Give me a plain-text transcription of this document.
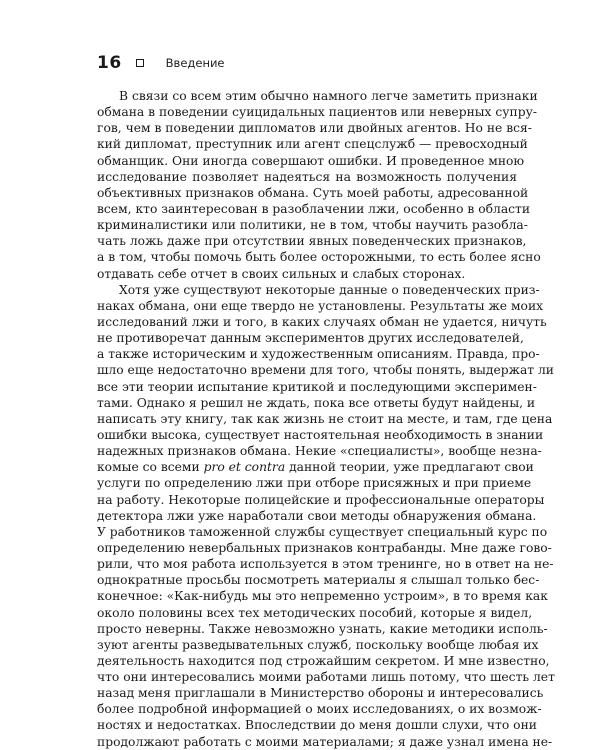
16	Введение
В связи со всем этим обычно намного легче заметить признаки
обмана в поведении суицидальных пациентов или неверных супру-
гов, чем в поведении дипломатов или двойных агентов. Но не вся-
кий дипломат, преступник или агент спецслужб — превосходный
обманщик. Они иногда совершают ошибки. И проведенное мною
исследование позволяет надеяться на возможность получения
объективных признаков обмана. Суть моей работы, адресованной
всем, кто заинтересован в разоблачении лжи, особенно в области
криминалистики или политики, не в том, чтобы научить разоблa-
чать ложь даже при отсутствии явных поведенческих признаков,
а в том, чтобы помочь быть более осторожными, то есть более ясно
отдавать себе отчет в своих сильных и слабых сторонах.
Хотя уже существуют некоторые данные о поведенческих приз-
наках обмана, они еще твердо не установлены. Результаты же моих
исследований лжи и того, в каких случаях обман не удается, ничуть
не противоречат данным экспериментов других исследователей,
а также историческим и художественным описаниям. Правда, про-
шло еще недостаточно времени для того, чтобы понять, выдержат ли
все эти теории испытание критикой и последующими эксперимен-
тами. Однако я решил не ждать, пока все ответы будут найдены, и
написать эту книгу, так как жизнь не стоит на месте, и там, где цена
ошибки высока, существует настоятельная необходимость в знании
надежных признаков обмана. Некие «специалисты», вообще незна-
комые со всеми pro et contra данной теории, уже предлагают свои
услуги по определению лжи при отборе присяжных и при приеме
на работу. Некоторые полицейские и профессиональные операторы
детектора лжи уже наработали свои методы обнаружения обмана.
У работников таможенной службы существует специальный курс по
определению невербальных признаков контрабанды. Мне даже гово-
рили, что моя работа используется в этом тренинге, но в ответ на не-
однократные просьбы посмотреть материалы я слышал только бес-
конечное: «Как-нибудь мы это непременно устроим», в то время как
около половины всех тех методических пособий, которые я видел,
просто неверны. Также невозможно узнать, какие методики исполь-
зуют агенты разведывательных служб, поскольку вообще любая их
деятельность находится под строжайшим секретом. И мне известно,
что они интересовались моими работами лишь потому, что шесть лет
назад меня приглашали в Министерство обороны и интересовались
более подробной информацией о моих исследованиях, о их возмож-
ностях и недостатках. Впоследствии до меня дошли слухи, что они
продолжают работать с моими материалами; я даже узнал имена не-
